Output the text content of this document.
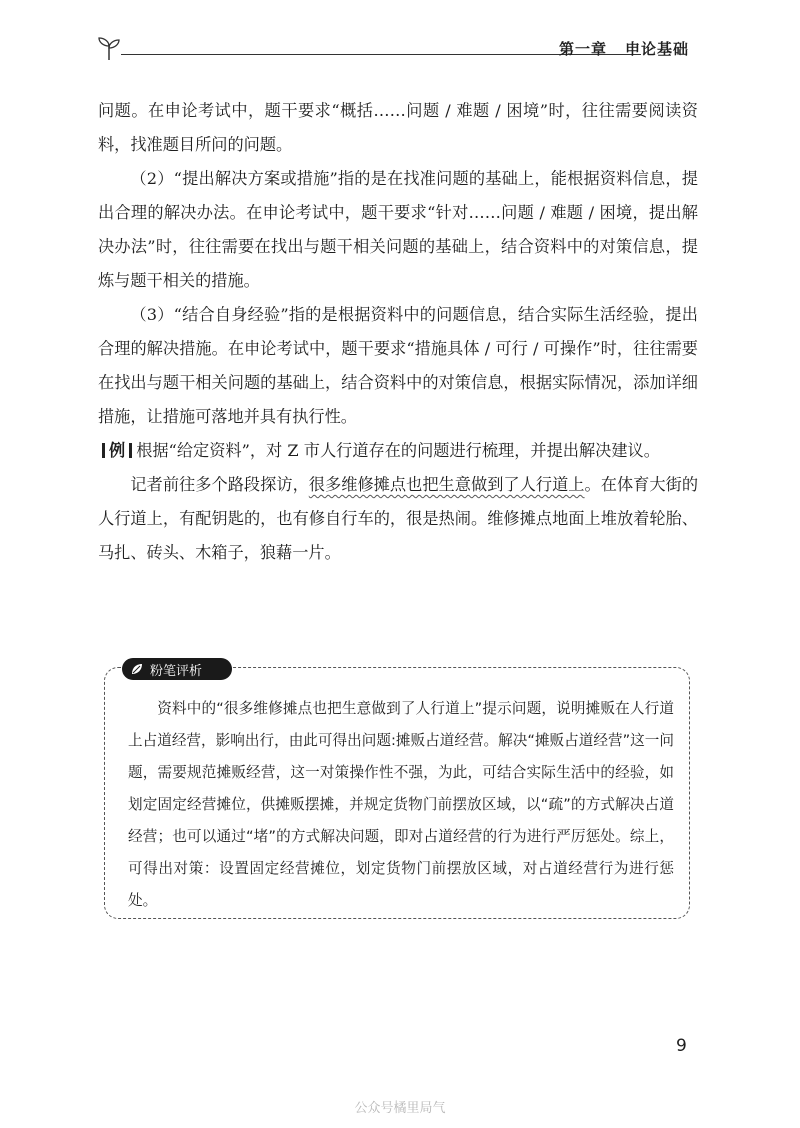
第一章 申论基础

问题。在申论考试中，题干要求“概括……问题 / 难题 / 困境”时，往往需要阅读资料，找准题目所问的问题。

（2）“提出解决方案或措施”指的是在找准问题的基础上，能根据资料信息，提出合理的解决办法。在申论考试中，题干要求“针对……问题 / 难题 / 困境，提出解决办法”时，往往需要在找出与题干相关问题的基础上，结合资料中的对策信息，提炼与题干相关的措施。

（3）“结合自身经验”指的是根据资料中的问题信息，结合实际生活经验，提出合理的解决措施。在申论考试中，题干要求“措施具体 / 可行 / 可操作”时，往往需要在找出与题干相关问题的基础上，结合资料中的对策信息，根据实际情况，添加详细措施，让措施可落地并具有执行性。

例 根据“给定资料”，对 Z 市人行道存在的问题进行梳理，并提出解决建议。

记者前往多个路段探访，很多维修摊点也把生意做到了人行道上。在体育大街的人行道上，有配钥匙的，也有修自行车的，很是热闹。维修摊点地面上堆放着轮胎、马扎、砖头、木箱子，狼藉一片。

粉笔评析
资料中的“很多维修摊点也把生意做到了人行道上”提示问题，说明摊贩在人行道上占道经营，影响出行，由此可得出问题:摊贩占道经营。解决“摊贩占道经营”这一问题，需要规范摊贩经营，这一对策操作性不强，为此，可结合实际生活中的经验，如划定固定经营摊位，供摊贩摆摊，并规定货物门前摆放区域，以“疏”的方式解决占道经营；也可以通过“堵”的方式解决问题，即对占道经营的行为进行严厉惩处。综上，可得出对策：设置固定经营摊位，划定货物门前摆放区域，对占道经营行为进行惩处。
9
公众号橘里局气
